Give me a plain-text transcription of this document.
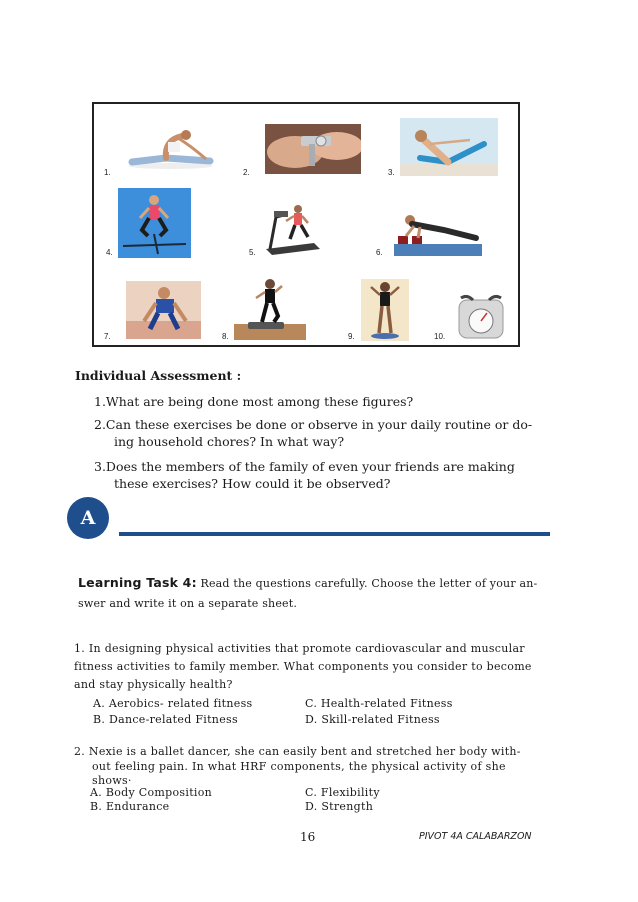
1.	2.	3.
4.	5.	6.
7.	8.	9.	10.
Individual Assessment :
1.What are being done most among these figures?
2.Can these exercises be done or observe in your daily routine or do-
ing household chores? In what way?
3.Does the members of the family of even your friends are making
these exercises? How could it be observed?
A
Learning Task 4: Read the questions carefully. Choose the letter of your an-
swer and write it on a separate sheet.
1. In designing physical activities that promote cardiovascular and muscular
fitness activities to family member. What components you consider to become
and stay physically health?
A. Aerobics- related fitness	C. Health-related Fitness
B. Dance-related Fitness	D. Skill-related Fitness
2. Nexie is a ballet dancer, she can easily bent and stretched her body with-
out feeling pain. In what HRF components, the physical activity of she
shows·
A. Body Composition	C. Flexibility
B. Endurance	D. Strength
16	PIVOT 4A CALABARZON
